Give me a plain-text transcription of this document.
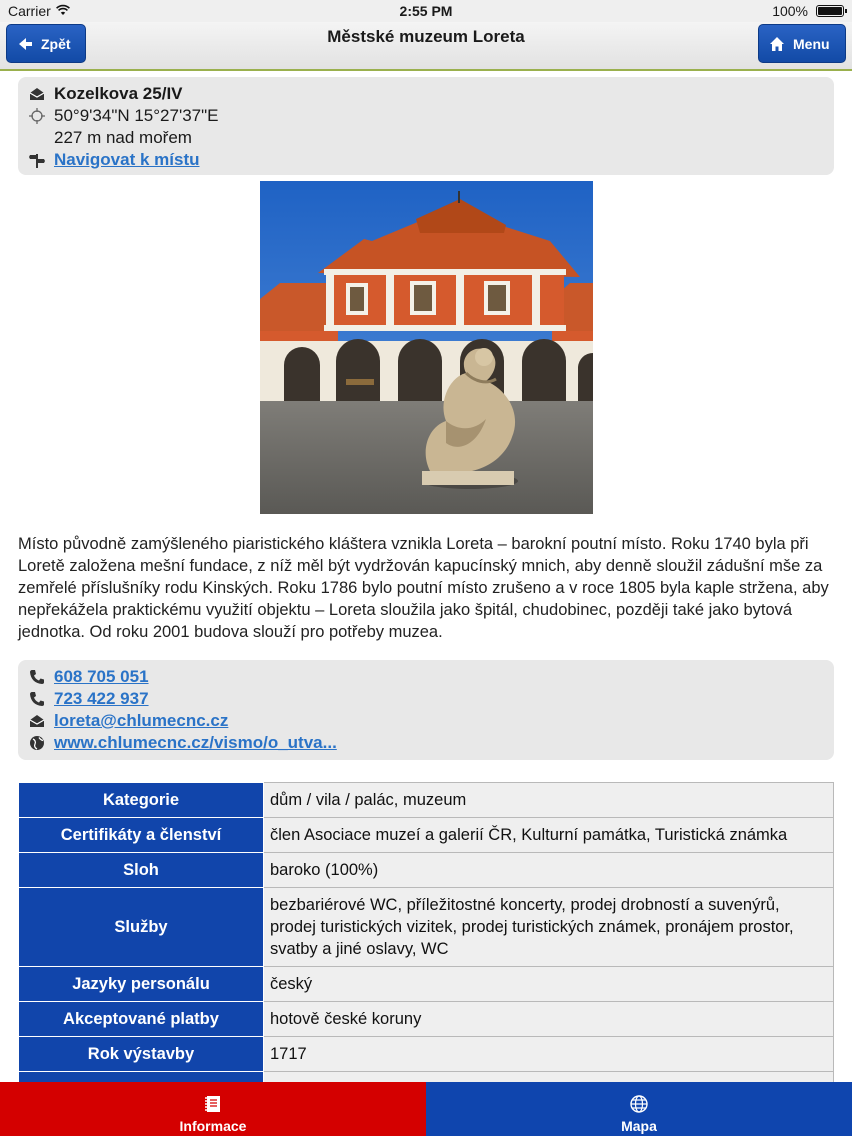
Carrier	2:55 PM	100%
Městské muzeum Loreta
Zpět	Menu
Kozelkova 25/IV
50°9'34"N 15°27'37"E
227 m nad mořem
Navigovat k místu

Místo původně zamýšleného piaristického kláštera vznikla Loreta – barokní poutní místo. Roku 1740 byla při Loretě založena mešní fundace, z níž měl být vydržován kapucínský mnich, aby denně sloužil zádušní mše za zemřelé příslušníky rodu Kinských. Roku 1786 bylo poutní místo zrušeno a v roce 1805 byla kaple stržena, aby nepřekážela praktickému využití objektu – Loreta sloužila jako špitál, chudobinec, později také jako bytová jednotka. Od roku 2001 budova slouží pro potřeby muzea.

608 705 051
723 422 937
loreta@chlumecnc.cz
www.chlumecnc.cz/vismo/o_utva...
Kategorie	dům / vila / palác, muzeum
Certifikáty a členství	člen Asociace muzeí a galerií ČR, Kulturní památka, Turistická známka
Sloh	baroko (100%)
Služby	bezbariérové WC, příležitostné koncerty, prodej drobností a suvenýrů, prodej turistických vizitek, prodej turistických známek, pronájem prostor, svatby a jiné oslavy, WC
Jazyky personálu	český
Akceptované platby	hotově české koruny
Rok výstavby	1717

Informace	Mapa
